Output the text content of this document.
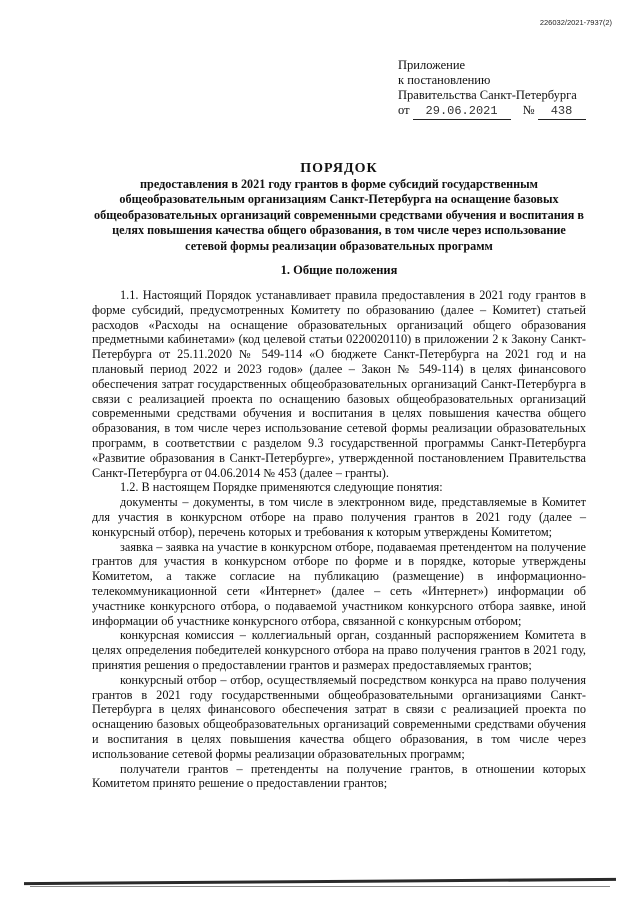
226032/2021-7937(2)
Приложение
к постановлению
Правительства Санкт-Петербурга
от 29.06.2021 № 438
ПОРЯДОК
предоставления в 2021 году грантов в форме субсидий государственным общеобразовательным организациям Санкт-Петербурга на оснащение базовых общеобразовательных организаций современными средствами обучения и воспитания в целях повышения качества общего образования, в том числе через использование сетевой формы реализации образовательных программ
1. Общие положения

1.1. Настоящий Порядок устанавливает правила предоставления в 2021 году грантов в форме субсидий, предусмотренных Комитету по образованию (далее – Комитет) статьей расходов «Расходы на оснащение образовательных организаций общего образования предметными кабинетами» (код целевой статьи 0220020110) в приложении 2 к Закону Санкт-Петербурга от 25.11.2020 № 549-114 «О бюджете Санкт-Петербурга на 2021 год и на плановый период 2022 и 2023 годов» (далее – Закон № 549-114) в целях финансового обеспечения затрат государственных общеобразовательных организаций Санкт-Петербурга в связи с реализацией проекта по оснащению базовых общеобразовательных организаций современными средствами обучения и воспитания в целях повышения качества общего образования, в том числе через использование сетевой формы реализации образовательных программ, в соответствии с разделом 9.3 государственной программы Санкт-Петербурга «Развитие образования в Санкт-Петербурге», утвержденной постановлением Правительства Санкт-Петербурга от 04.06.2014 № 453 (далее – гранты).

1.2. В настоящем Порядке применяются следующие понятия:

документы – документы, в том числе в электронном виде, представляемые в Комитет для участия в конкурсном отборе на право получения грантов в 2021 году (далее – конкурсный отбор), перечень которых и требования к которым утверждены Комитетом;

заявка – заявка на участие в конкурсном отборе, подаваемая претендентом на получение грантов для участия в конкурсном отборе по форме и в порядке, которые утверждены Комитетом, а также согласие на публикацию (размещение) в информационно-телекоммуникационной сети «Интернет» (далее – сеть «Интернет») информации об участнике конкурсного отбора, о подаваемой участником конкурсного отбора заявке, иной информации об участнике конкурсного отбора, связанной с конкурсным отбором;

конкурсная комиссия – коллегиальный орган, созданный распоряжением Комитета в целях определения победителей конкурсного отбора на право получения грантов в 2021 году, принятия решения о предоставлении грантов и размерах предоставляемых грантов;

конкурсный отбор – отбор, осуществляемый посредством конкурса на право получения грантов в 2021 году государственными общеобразовательными организациями Санкт-Петербурга в целях финансового обеспечения затрат в связи с реализацией проекта по оснащению базовых общеобразовательных организаций современными средствами обучения и воспитания в целях повышения качества общего образования, в том числе через использование сетевой формы реализации образовательных программ;

получатели грантов – претенденты на получение грантов, в отношении которых Комитетом принято решение о предоставлении грантов;
